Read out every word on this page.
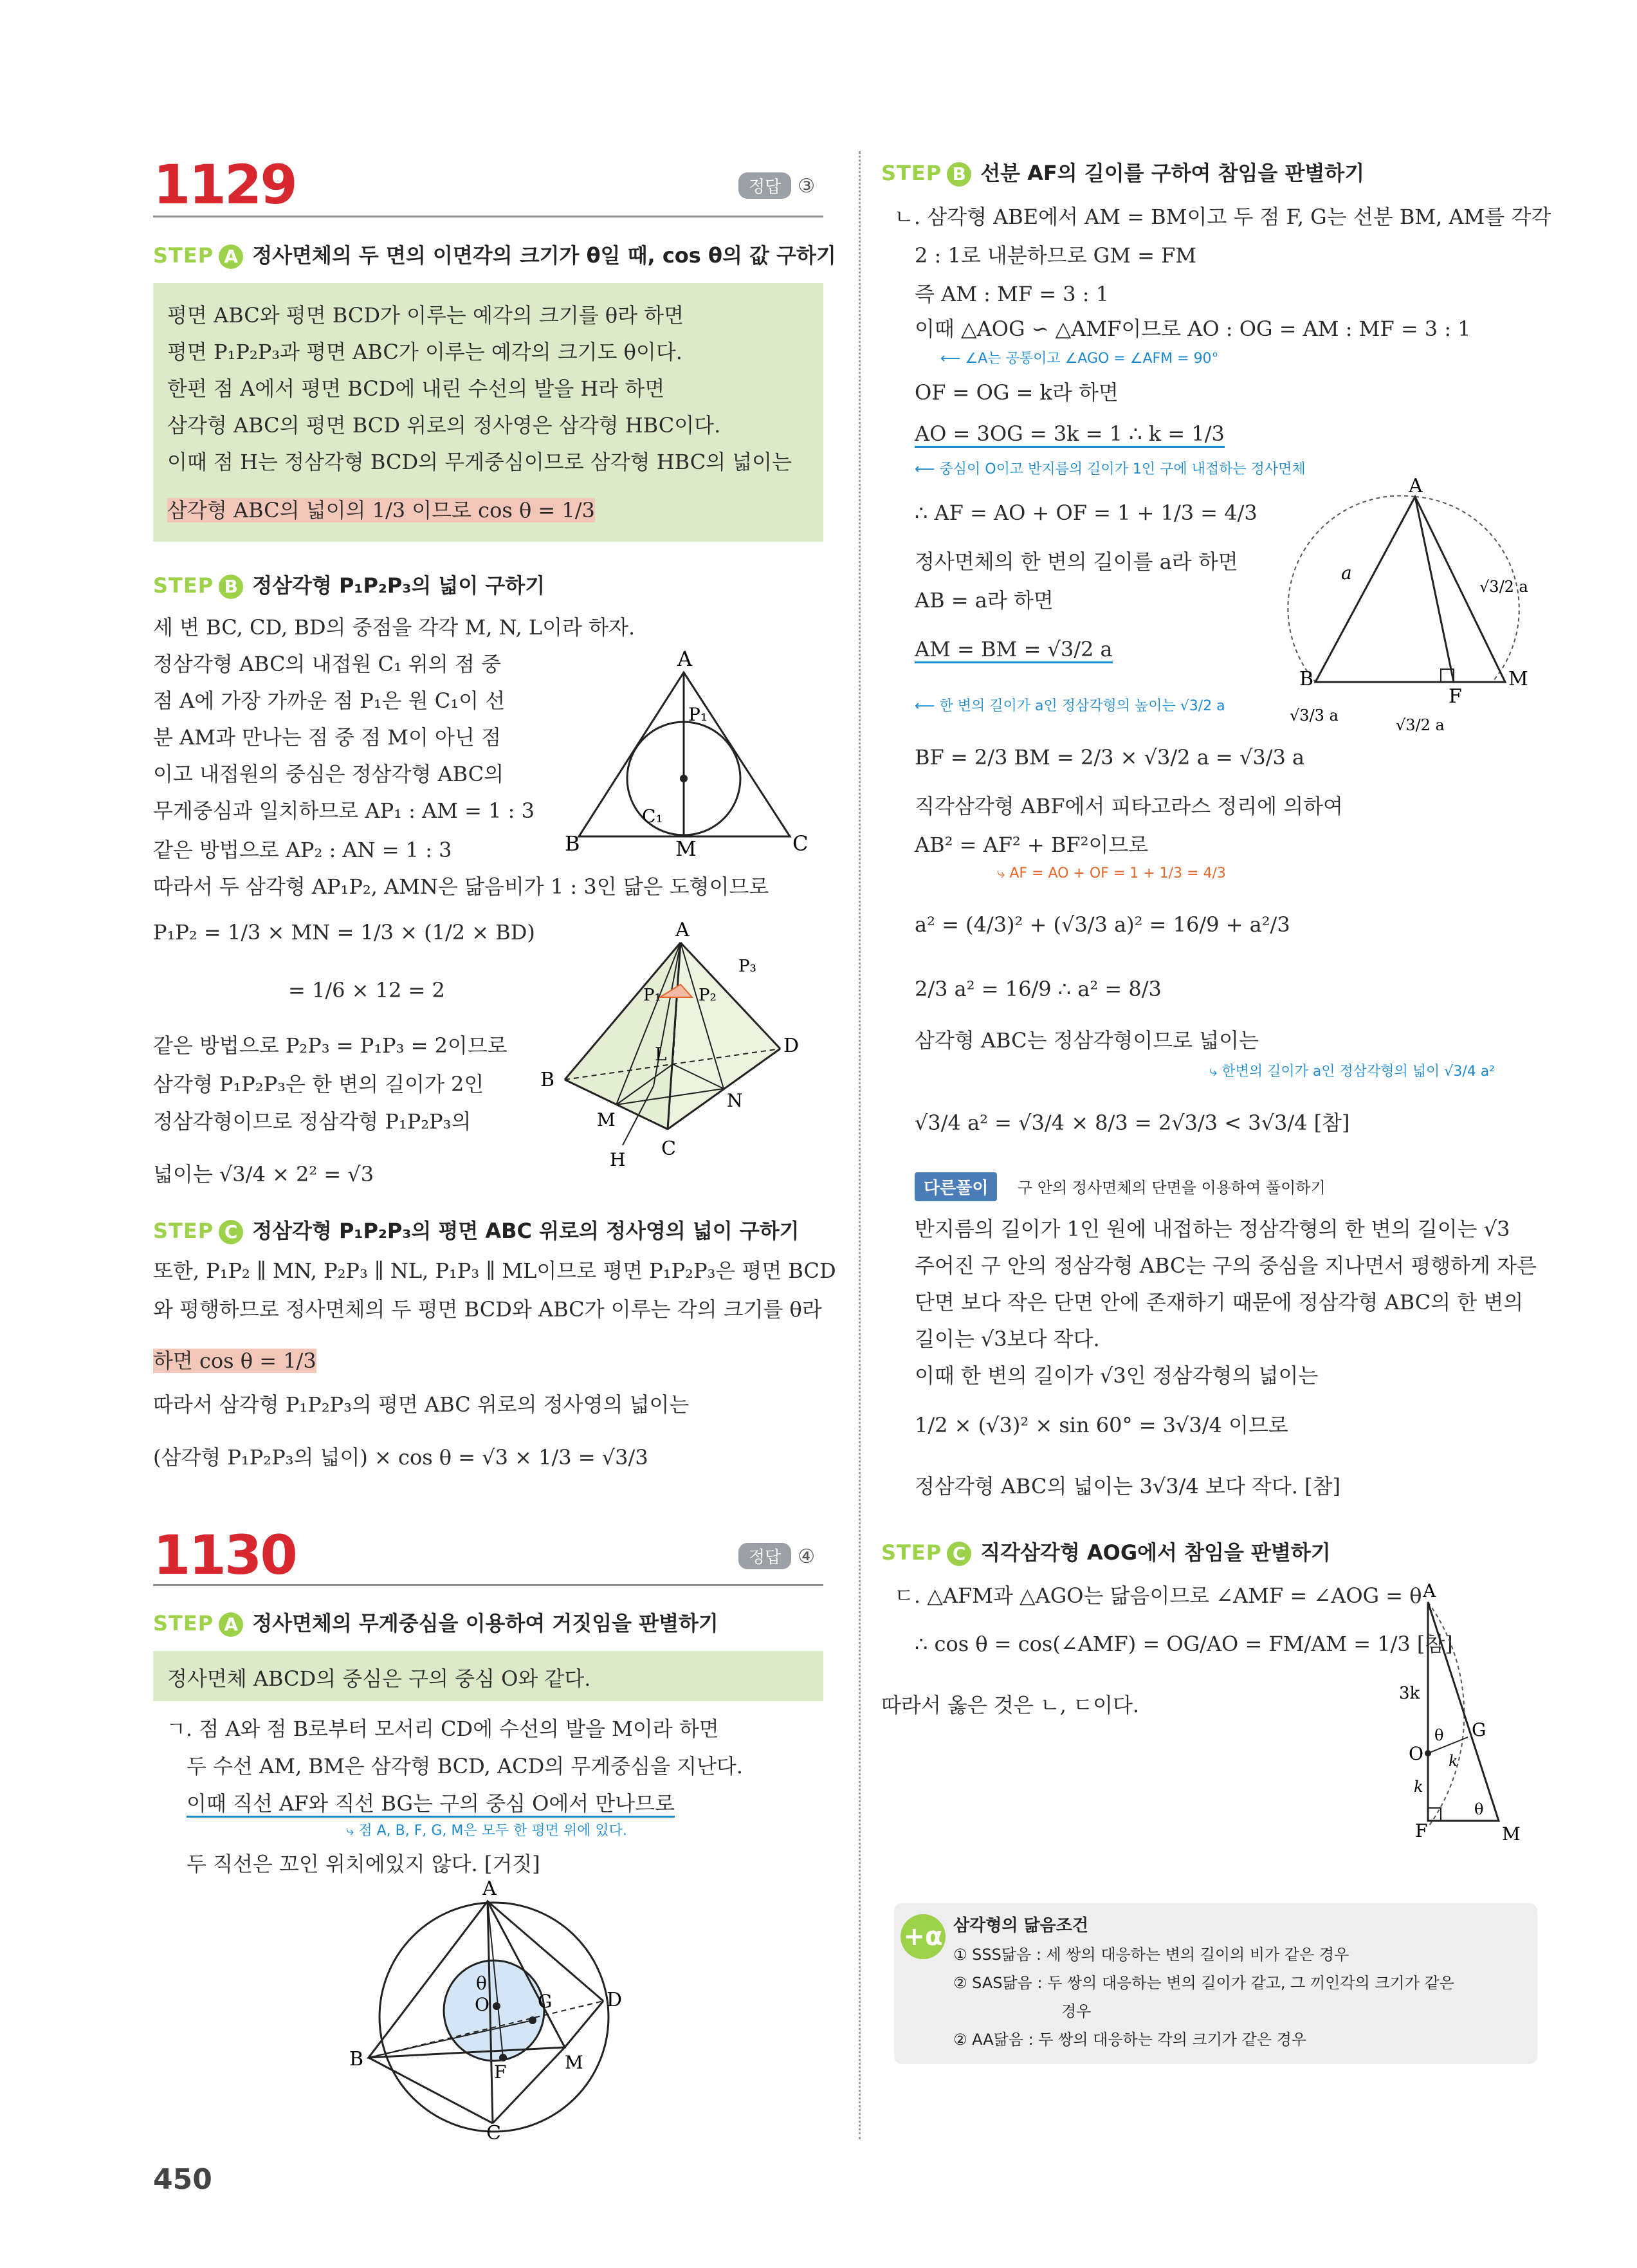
1129	정답 ③
STEP A 정사면체의 두 면의 이면각의 크기가 θ일 때, cos θ의 값 구하기
평면 ABC와 평면 BCD가 이루는 예각의 크기를 θ라 하면
평면 P₁P₂P₃과 평면 ABC가 이루는 예각의 크기도 θ이다.
한편 점 A에서 평면 BCD에 내린 수선의 발을 H라 하면
삼각형 ABC의 평면 BCD 위로의 정사영은 삼각형 HBC이다.
이때 점 H는 정삼각형 BCD의 무게중심이므로 삼각형 HBC의 넓이는
삼각형 ABC의 넓이의 1/3 이므로 cos θ = 1/3
STEP B 정삼각형 P₁P₂P₃의 넓이 구하기
세 변 BC, CD, BD의 중점을 각각 M, N, L이라 하자.
정삼각형 ABC의 내접원 C₁ 위의 점 중
점 A에 가장 가까운 점 P₁은 원 C₁이 선
분 AM과 만나는 점 중 점 M이 아닌 점
이고 내접원의 중심은 정삼각형 ABC의
무게중심과 일치하므로 AP₁ : AM = 1 : 3
같은 방법으로 AP₂ : AN = 1 : 3
따라서 두 삼각형 AP₁P₂, AMN은 닮음비가 1 : 3인 닮은 도형이므로
P₁P₂ = 1/3 × MN = 1/3 × (1/2 × BD)
= 1/6 × 12 = 2
같은 방법으로 P₂P₃ = P₁P₃ = 2이므로
삼각형 P₁P₂P₃은 한 변의 길이가 2인
정삼각형이므로 정삼각형 P₁P₂P₃의
넓이는 √3/4 × 2² = √3
A
P₁
C₁
B	M	C
A
P₃
P₁ P₂
D
L
B
N
M
H C
STEP C 정삼각형 P₁P₂P₃의 평면 ABC 위로의 정사영의 넓이 구하기
또한, P₁P₂ ∥ MN, P₂P₃ ∥ NL, P₁P₃ ∥ ML이므로 평면 P₁P₂P₃은 평면 BCD
와 평행하므로 정사면체의 두 평면 BCD와 ABC가 이루는 각의 크기를 θ라
하면 cos θ = 1/3
따라서 삼각형 P₁P₂P₃의 평면 ABC 위로의 정사영의 넓이는
(삼각형 P₁P₂P₃의 넓이) × cos θ = √3 × 1/3 = √3/3
1130	정답 ④
STEP A 정사면체의 무게중심을 이용하여 거짓임을 판별하기
정사면체 ABCD의 중심은 구의 중심 O와 같다.
ㄱ. 점 A와 점 B로부터 모서리 CD에 수선의 발을 M이라 하면
두 수선 AM, BM은 삼각형 BCD, ACD의 무게중심을 지난다.
이때 직선 AF와 직선 BG는 구의 중심 O에서 만나므로
⤷ 점 A, B, F, G, M은 모두 한 평면 위에 있다.
두 직선은 꼬인 위치에있지 않다. [거짓]
A
θ
O	G	D
B
F	M
C
450
STEP B 선분 AF의 길이를 구하여 참임을 판별하기
ㄴ. 삼각형 ABE에서 AM = BM이고 두 점 F, G는 선분 BM, AM를 각각
2 : 1로 내분하므로 GM = FM
즉 AM : MF = 3 : 1
이때 △AOG ∽ △AMF이므로 AO : OG = AM : MF = 3 : 1
⟵ ∠A는 공통이고 ∠AGO = ∠AFM = 90°
OF = OG = k라 하면
AO = 3OG = 3k = 1 ∴ k = 1/3
⟵ 중심이 O이고 반지름의 길이가 1인 구에 내접하는 정사면체
∴ AF = AO + OF = 1 + 1/3 = 4/3
정사면체의 한 변의 길이를 a라 하면
AB = a라 하면
AM = BM = √3/2 a
⟵ 한 변의 길이가 a인 정삼각형의 높이는 √3/2 a
BF = 2/3 BM = 2/3 × √3/2 a = √3/3 a
직각삼각형 ABF에서 피타고라스 정리에 의하여
AB² = AF² + BF²이므로
⤷ AF = AO + OF = 1 + 1/3 = 4/3
a² = (4/3)² + (√3/3 a)² = 16/9 + a²/3
2/3 a² = 16/9 ∴ a² = 8/3
삼각형 ABC는 정삼각형이므로 넓이는
⤷ 한변의 길이가 a인 정삼각형의 넓이 √3/4 a²
√3/4 a² = √3/4 × 8/3 = 2√3/3 < 3√3/4 [참]
A
a
√3/2 a
B
F
M
√3/3 a
√3/2 a
다른풀이	구 안의 정사면체의 단면을 이용하여 풀이하기
반지름의 길이가 1인 원에 내접하는 정삼각형의 한 변의 길이는 √3
주어진 구 안의 정삼각형 ABC는 구의 중심을 지나면서 평행하게 자른
단면 보다 작은 단면 안에 존재하기 때문에 정삼각형 ABC의 한 변의
길이는 √3보다 작다.
이때 한 변의 길이가 √3인 정삼각형의 넓이는
1/2 × (√3)² × sin 60° = 3√3/4 이므로
정삼각형 ABC의 넓이는 3√3/4 보다 작다. [참]
STEP C 직각삼각형 AOG에서 참임을 판별하기
ㄷ. △AFM과 △AGO는 닮음이므로 ∠AMF = ∠AOG = θ
∴ cos θ = cos(∠AMF) = OG/AO = FM/AM = 1/3 [참]
따라서 옳은 것은 ㄴ, ㄷ이다.
A
3k
θ G
O k
k
θ
F	M
+α 삼각형의 닮음조건
① SSS닮음 : 세 쌍의 대응하는 변의 길이의 비가 같은 경우
② SAS닮음 : 두 쌍의 대응하는 변의 길이가 같고, 그 끼인각의 크기가 같은
경우
② AA닮음 : 두 쌍의 대응하는 각의 크기가 같은 경우
